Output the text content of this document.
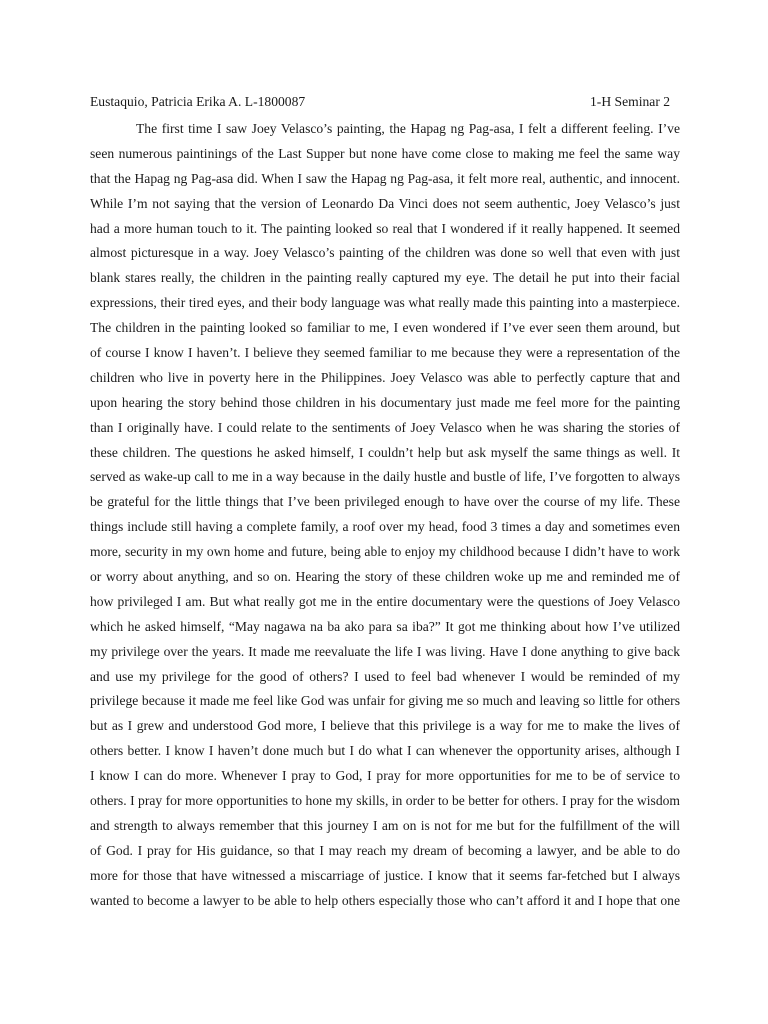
Eustaquio, Patricia Erika A. L-1800087	1-H Seminar 2
The first time I saw Joey Velasco’s painting, the Hapag ng Pag-asa, I felt a different feeling. I’ve
seen numerous paintinings of the Last Supper but none have come close to making me feel the same way
that the Hapag ng Pag-asa did. When I saw the Hapag ng Pag-asa, it felt more real, authentic, and innocent.
While I’m not saying that the version of Leonardo Da Vinci does not seem authentic, Joey Velasco’s just
had a more human touch to it. The painting looked so real that I wondered if it really happened. It seemed
almost picturesque in a way. Joey Velasco’s painting of the children was done so well that even with just
blank stares really, the children in the painting really captured my eye. The detail he put into their facial
expressions, their tired eyes, and their body language was what really made this painting into a masterpiece.
The children in the painting looked so familiar to me, I even wondered if I’ve ever seen them around, but
of course I know I haven’t. I believe they seemed familiar to me because they were a representation of the
children who live in poverty here in the Philippines. Joey Velasco was able to perfectly capture that and
upon hearing the story behind those children in his documentary just made me feel more for the painting
than I originally have. I could relate to the sentiments of Joey Velasco when he was sharing the stories of
these children. The questions he asked himself, I couldn’t help but ask myself the same things as well. It
served as wake-up call to me in a way because in the daily hustle and bustle of life, I’ve forgotten to always
be grateful for the little things that I’ve been privileged enough to have over the course of my life. These
things include still having a complete family, a roof over my head, food 3 times a day and sometimes even
more, security in my own home and future, being able to enjoy my childhood because I didn’t have to work
or worry about anything, and so on. Hearing the story of these children woke up me and reminded me of
how privileged I am. But what really got me in the entire documentary were the questions of Joey Velasco
which he asked himself, “May nagawa na ba ako para sa iba?” It got me thinking about how I’ve utilized
my privilege over the years. It made me reevaluate the life I was living. Have I done anything to give back
and use my privilege for the good of others? I used to feel bad whenever I would be reminded of my
privilege because it made me feel like God was unfair for giving me so much and leaving so little for others
but as I grew and understood God more, I believe that this privilege is a way for me to make the lives of
others better. I know I haven’t done much but I do what I can whenever the opportunity arises, although I
I know I can do more. Whenever I pray to God, I pray for more opportunities for me to be of service to
others. I pray for more opportunities to hone my skills, in order to be better for others. I pray for the wisdom
and strength to always remember that this journey I am on is not for me but for the fulfillment of the will
of God. I pray for His guidance, so that I may reach my dream of becoming a lawyer, and be able to do
more for those that have witnessed a miscarriage of justice. I know that it seems far-fetched but I always
wanted to become a lawyer to be able to help others especially those who can’t afford it and I hope that one
